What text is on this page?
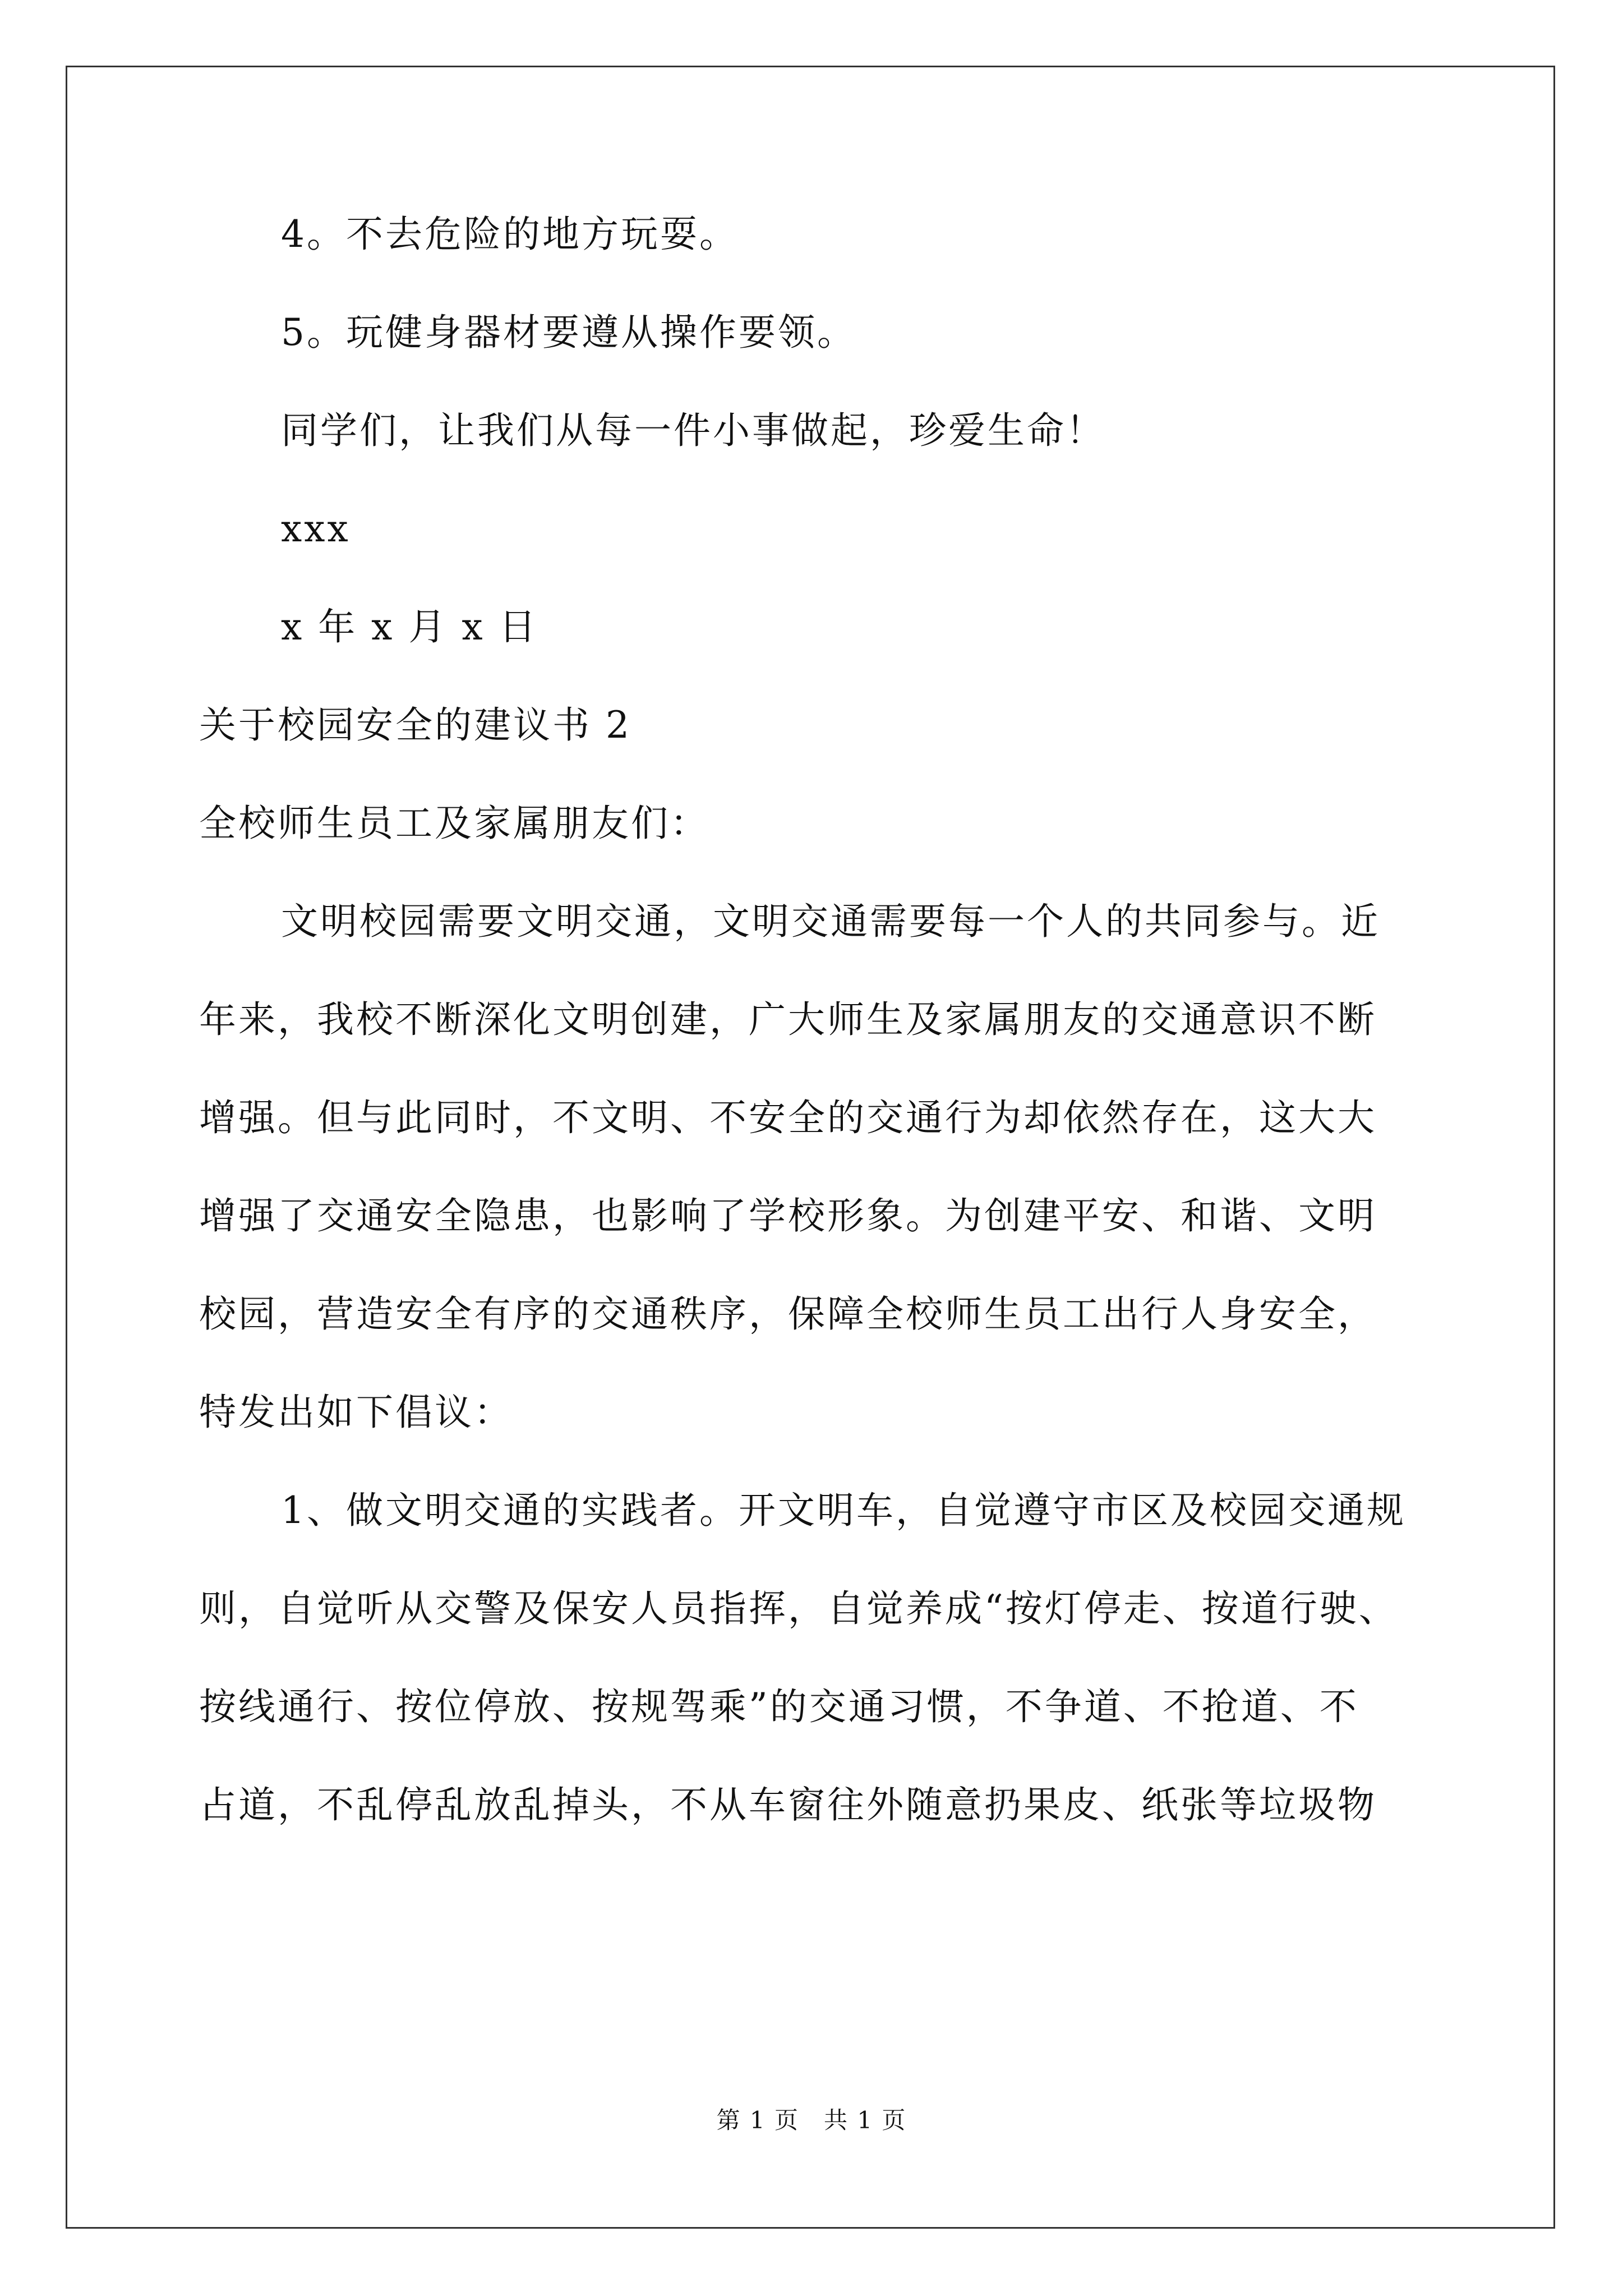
4。不去危险的地方玩耍。

5。玩健身器材要遵从操作要领。

同学们，让我们从每一件小事做起，珍爱生命！

xxx

x 年 x 月 x 日

关于校园安全的建议书 2

全校师生员工及家属朋友们：

文明校园需要文明交通，文明交通需要每一个人的共同参与。近

年来，我校不断深化文明创建，广大师生及家属朋友的交通意识不断

增强。但与此同时，不文明、不安全的交通行为却依然存在，这大大

增强了交通安全隐患，也影响了学校形象。为创建平安、和谐、文明

校园，营造安全有序的交通秩序，保障全校师生员工出行人身安全，

特发出如下倡议：

1、做文明交通的实践者。开文明车，自觉遵守市区及校园交通规

则，自觉听从交警及保安人员指挥，自觉养成“按灯停走、按道行驶、

按线通行、按位停放、按规驾乘”的交通习惯，不争道、不抢道、不

占道，不乱停乱放乱掉头，不从车窗往外随意扔果皮、纸张等垃圾物

第 1 页　共 1 页
